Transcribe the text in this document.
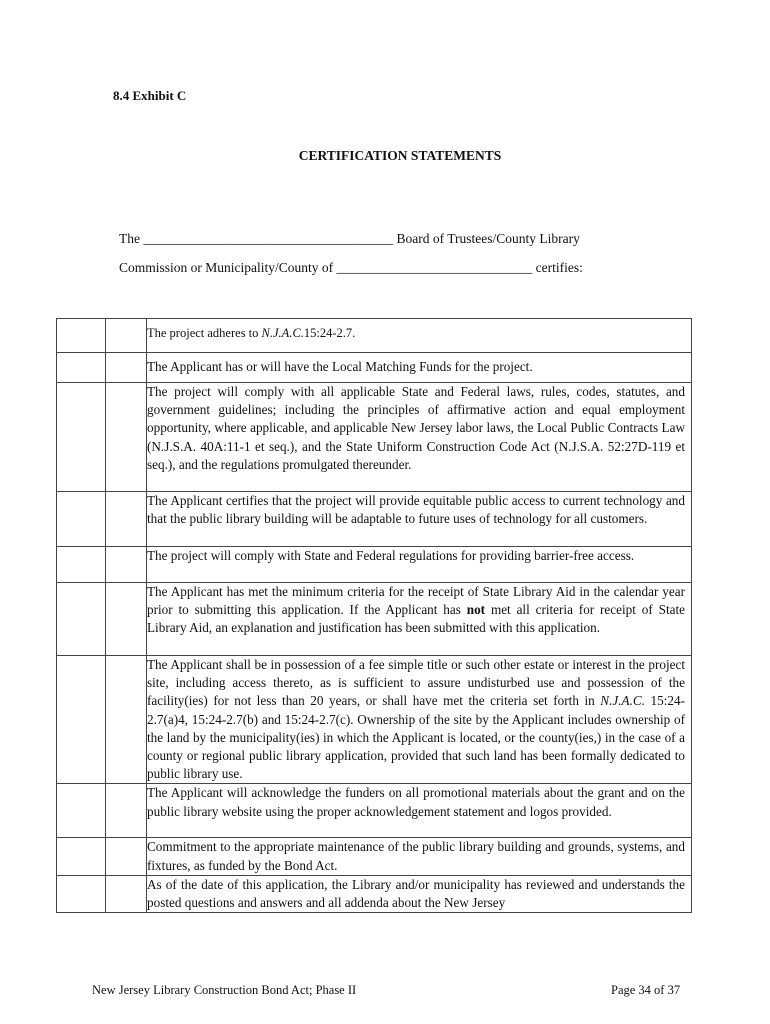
8.4 Exhibit C
CERTIFICATION STATEMENTS
The _____________________________________ Board of Trustees/County Library
Commission or Municipality/County of _____________________________ certifies:
		The project adheres to N.J.A.C.15:24-2.7.
		The Applicant has or will have the Local Matching Funds for the project.
		The project will comply with all applicable State and Federal laws, rules, codes, statutes, and government guidelines; including the principles of affirmative action and equal employment opportunity, where applicable, and applicable New Jersey labor laws, the Local Public Contracts Law (N.J.S.A. 40A:11-1 et seq.), and the State Uniform Construction Code Act (N.J.S.A. 52:27D-119 et seq.), and the regulations promulgated thereunder.
		The Applicant certifies that the project will provide equitable public access to current technology and that the public library building will be adaptable to future uses of technology for all customers.
		The project will comply with State and Federal regulations for providing barrier-free access.
		The Applicant has met the minimum criteria for the receipt of State Library Aid in the calendar year prior to submitting this application. If the Applicant has not met all criteria for receipt of State Library Aid, an explanation and justification has been submitted with this application.
		The Applicant shall be in possession of a fee simple title or such other estate or interest in the project site, including access thereto, as is sufficient to assure undisturbed use and possession of the facility(ies) for not less than 20 years, or shall have met the criteria set forth in N.J.A.C. 15:24-2.7(a)4, 15:24-2.7(b) and 15:24-2.7(c). Ownership of the site by the Applicant includes ownership of the land by the municipality(ies) in which the Applicant is located, or the county(ies,) in the case of a county or regional public library application, provided that such land has been formally dedicated to public library use.
		The Applicant will acknowledge the funders on all promotional materials about the grant and on the public library website using the proper acknowledgement statement and logos provided.
		Commitment to the appropriate maintenance of the public library building and grounds, systems, and fixtures, as funded by the Bond Act.
		As of the date of this application, the Library and/or municipality has reviewed and understands the posted questions and answers and all addenda about the New Jersey
New Jersey Library Construction Bond Act; Phase II	Page 34 of 37
